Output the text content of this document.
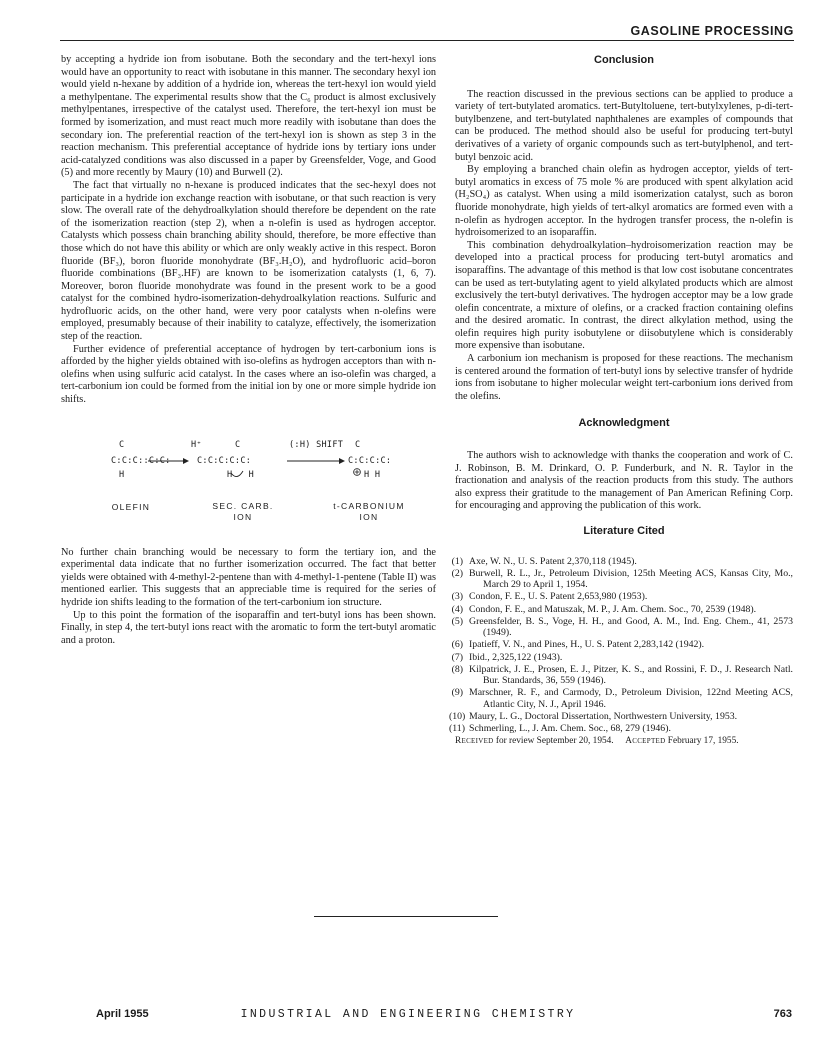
GASOLINE PROCESSING

by accepting a hydride ion from isobutane. Both the secondary and the tert-hexyl ions would have an opportunity to react with isobutane in this manner. The secondary hexyl ion would yield n-hexane by addition of a hydride ion, whereas the tert-hexyl ion would yield a methylpentane. The experimental results show that the C₆ product is almost exclusively methylpentanes, irrespective of the catalyst used. Therefore, the tert-hexyl ion must be formed by isomerization, and must react much more readily with isobutane than does the secondary ion. The preferential reaction of the tert-hexyl ion is shown as step 3 in the reaction mechanism. This preferential acceptance of hydride ions by tertiary ions under acid-catalyzed conditions was also discussed in a paper by Greensfelder, Voge, and Good (5) and more recently by Maury (10) and Burwell (2).

The fact that virtually no n-hexane is produced indicates that the sec-hexyl does not participate in a hydride ion exchange reaction with isobutane, or that such reaction is very slow. The overall rate of the dehydroalkylation should therefore be dependent on the rate of the isomerization reaction (step 2), when a n-olefin is used as hydrogen acceptor. Catalysts which possess chain branching ability should, therefore, be more effective than those which do not have this ability or which are only weakly active in this respect. Boron fluoride (BF₃), boron fluoride monohydrate (BF₃.H₂O), and hydrofluoric acid–boron fluoride combinations (BF₃.HF) are known to be isomerization catalysts (1, 6, 7). Moreover, boron fluoride monohydrate was found in the present work to be a good catalyst for the combined hydro-isomerization-dehydroalkylation reactions. Sulfuric and hydrofluoric acids, on the other hand, were very poor catalysts when n-olefins were employed, presumably because of their inability to catalyze, effectively, the isomerization step of the reaction.

Further evidence of preferential acceptance of hydrogen by tert-carbonium ions is afforded by the higher yields obtained with iso-olefins as hydrogen acceptors than with n-olefins when using sulfuric acid catalyst. In the cases where an iso-olefin was charged, a tert-carbonium ion could be formed from the initial ion by one or more simple hydride ion shifts.

C
C:C:C::C:C:
H
H⁺	C
C:C:C:C:C:
H   H
(:H) SHIFT C
C:C:C:C:
H H
OLEFIN	SEC. CARB.
ION
t-CARBONIUM
ION

No further chain branching would be necessary to form the tertiary ion, and the experimental data indicate that no further isomerization occurred. The fact that better yields were obtained with 4-methyl-2-pentene than with 4-methyl-1-pentene (Table II) was mentioned earlier. This suggests that an appreciable time is required for the series of hydride ion shifts leading to the formation of the tert-carbonium ion structure.

Up to this point the formation of the isoparaffin and tert-butyl ions has been shown. Finally, in step 4, the tert-butyl ions react with the aromatic to form the tert-butyl aromatic and a proton.

Conclusion

The reaction discussed in the previous sections can be applied to produce a variety of tert-butylated aromatics. tert-Butyltoluene, tert-butylxylenes, p-di-tert-butylbenzene, and tert-butylated naphthalenes are examples of compounds that can be produced. The method should also be useful for producing tert-butyl derivatives of a variety of organic compounds such as tert-butylphenol, and tert-butyl benzoic acid.

By employing a branched chain olefin as hydrogen acceptor, yields of tert-butyl aromatics in excess of 75 mole % are produced with spent alkylation acid (H₂SO₄) as catalyst. When using a mild isomerization catalyst, such as boron fluoride monohydrate, high yields of tert-alkyl aromatics are formed even with a n-olefin as hydrogen acceptor. In the hydrogen transfer process, the n-olefin is hydroisomerized to an isoparaffin.

This combination dehydroalkylation–hydroisomerization reaction may be developed into a practical process for producing tert-butyl aromatics and isoparaffins. The advantage of this method is that low cost isobutane concentrates can be used as tert-butylating agent to yield alkylated products which are almost exclusively the tert-butyl derivatives. The hydrogen acceptor may be a low grade olefin concentrate, a mixture of olefins, or a cracked fraction containing olefins and the desired aromatic. In contrast, the direct alkylation method, using the olefin requires high purity isobutylene or diisobutylene which is considerably more expensive than isobutane.

A carbonium ion mechanism is proposed for these reactions. The mechanism is centered around the formation of tert-butyl ions by selective transfer of hydride ions from isobutane to higher molecular weight tert-carbonium ions derived from the olefins.

Acknowledgment

The authors wish to acknowledge with thanks the cooperation and work of C. J. Robinson, B. M. Drinkard, O. P. Funderburk, and N. R. Taylor in the fractionation and analysis of the reaction products from this study. The authors also express their gratitude to the management of Pan American Refining Corp. for encouraging and approving the publication of this work.

Literature Cited
(1) Axe, W. N., U. S. Patent 2,370,118 (1945).
(2) Burwell, R. L., Jr., Petroleum Division, 125th Meeting ACS, Kansas City, Mo., March 29 to April 1, 1954.
(3) Condon, F. E., U. S. Patent 2,653,980 (1953).
(4) Condon, F. E., and Matuszak, M. P., J. Am. Chem. Soc., 70, 2539 (1948).
(5) Greensfelder, B. S., Voge, H. H., and Good, A. M., Ind. Eng. Chem., 41, 2573 (1949).
(6) Ipatieff, V. N., and Pines, H., U. S. Patent 2,283,142 (1942).
(7) Ibid., 2,325,122 (1943).
(8) Kilpatrick, J. E., Prosen, E. J., Pitzer, K. S., and Rossini, F. D., J. Research Natl. Bur. Standards, 36, 559 (1946).
(9) Marschner, R. F., and Carmody, D., Petroleum Division, 122nd Meeting ACS, Atlantic City, N. J., April 1946.
(10) Maury, L. G., Doctoral Dissertation, Northwestern University, 1953.
(11) Schmerling, L., J. Am. Chem. Soc., 68, 279 (1946).

Received for review September 20, 1954. Accepted February 17, 1955.

April 1955	INDUSTRIAL AND ENGINEERING CHEMISTRY	763
